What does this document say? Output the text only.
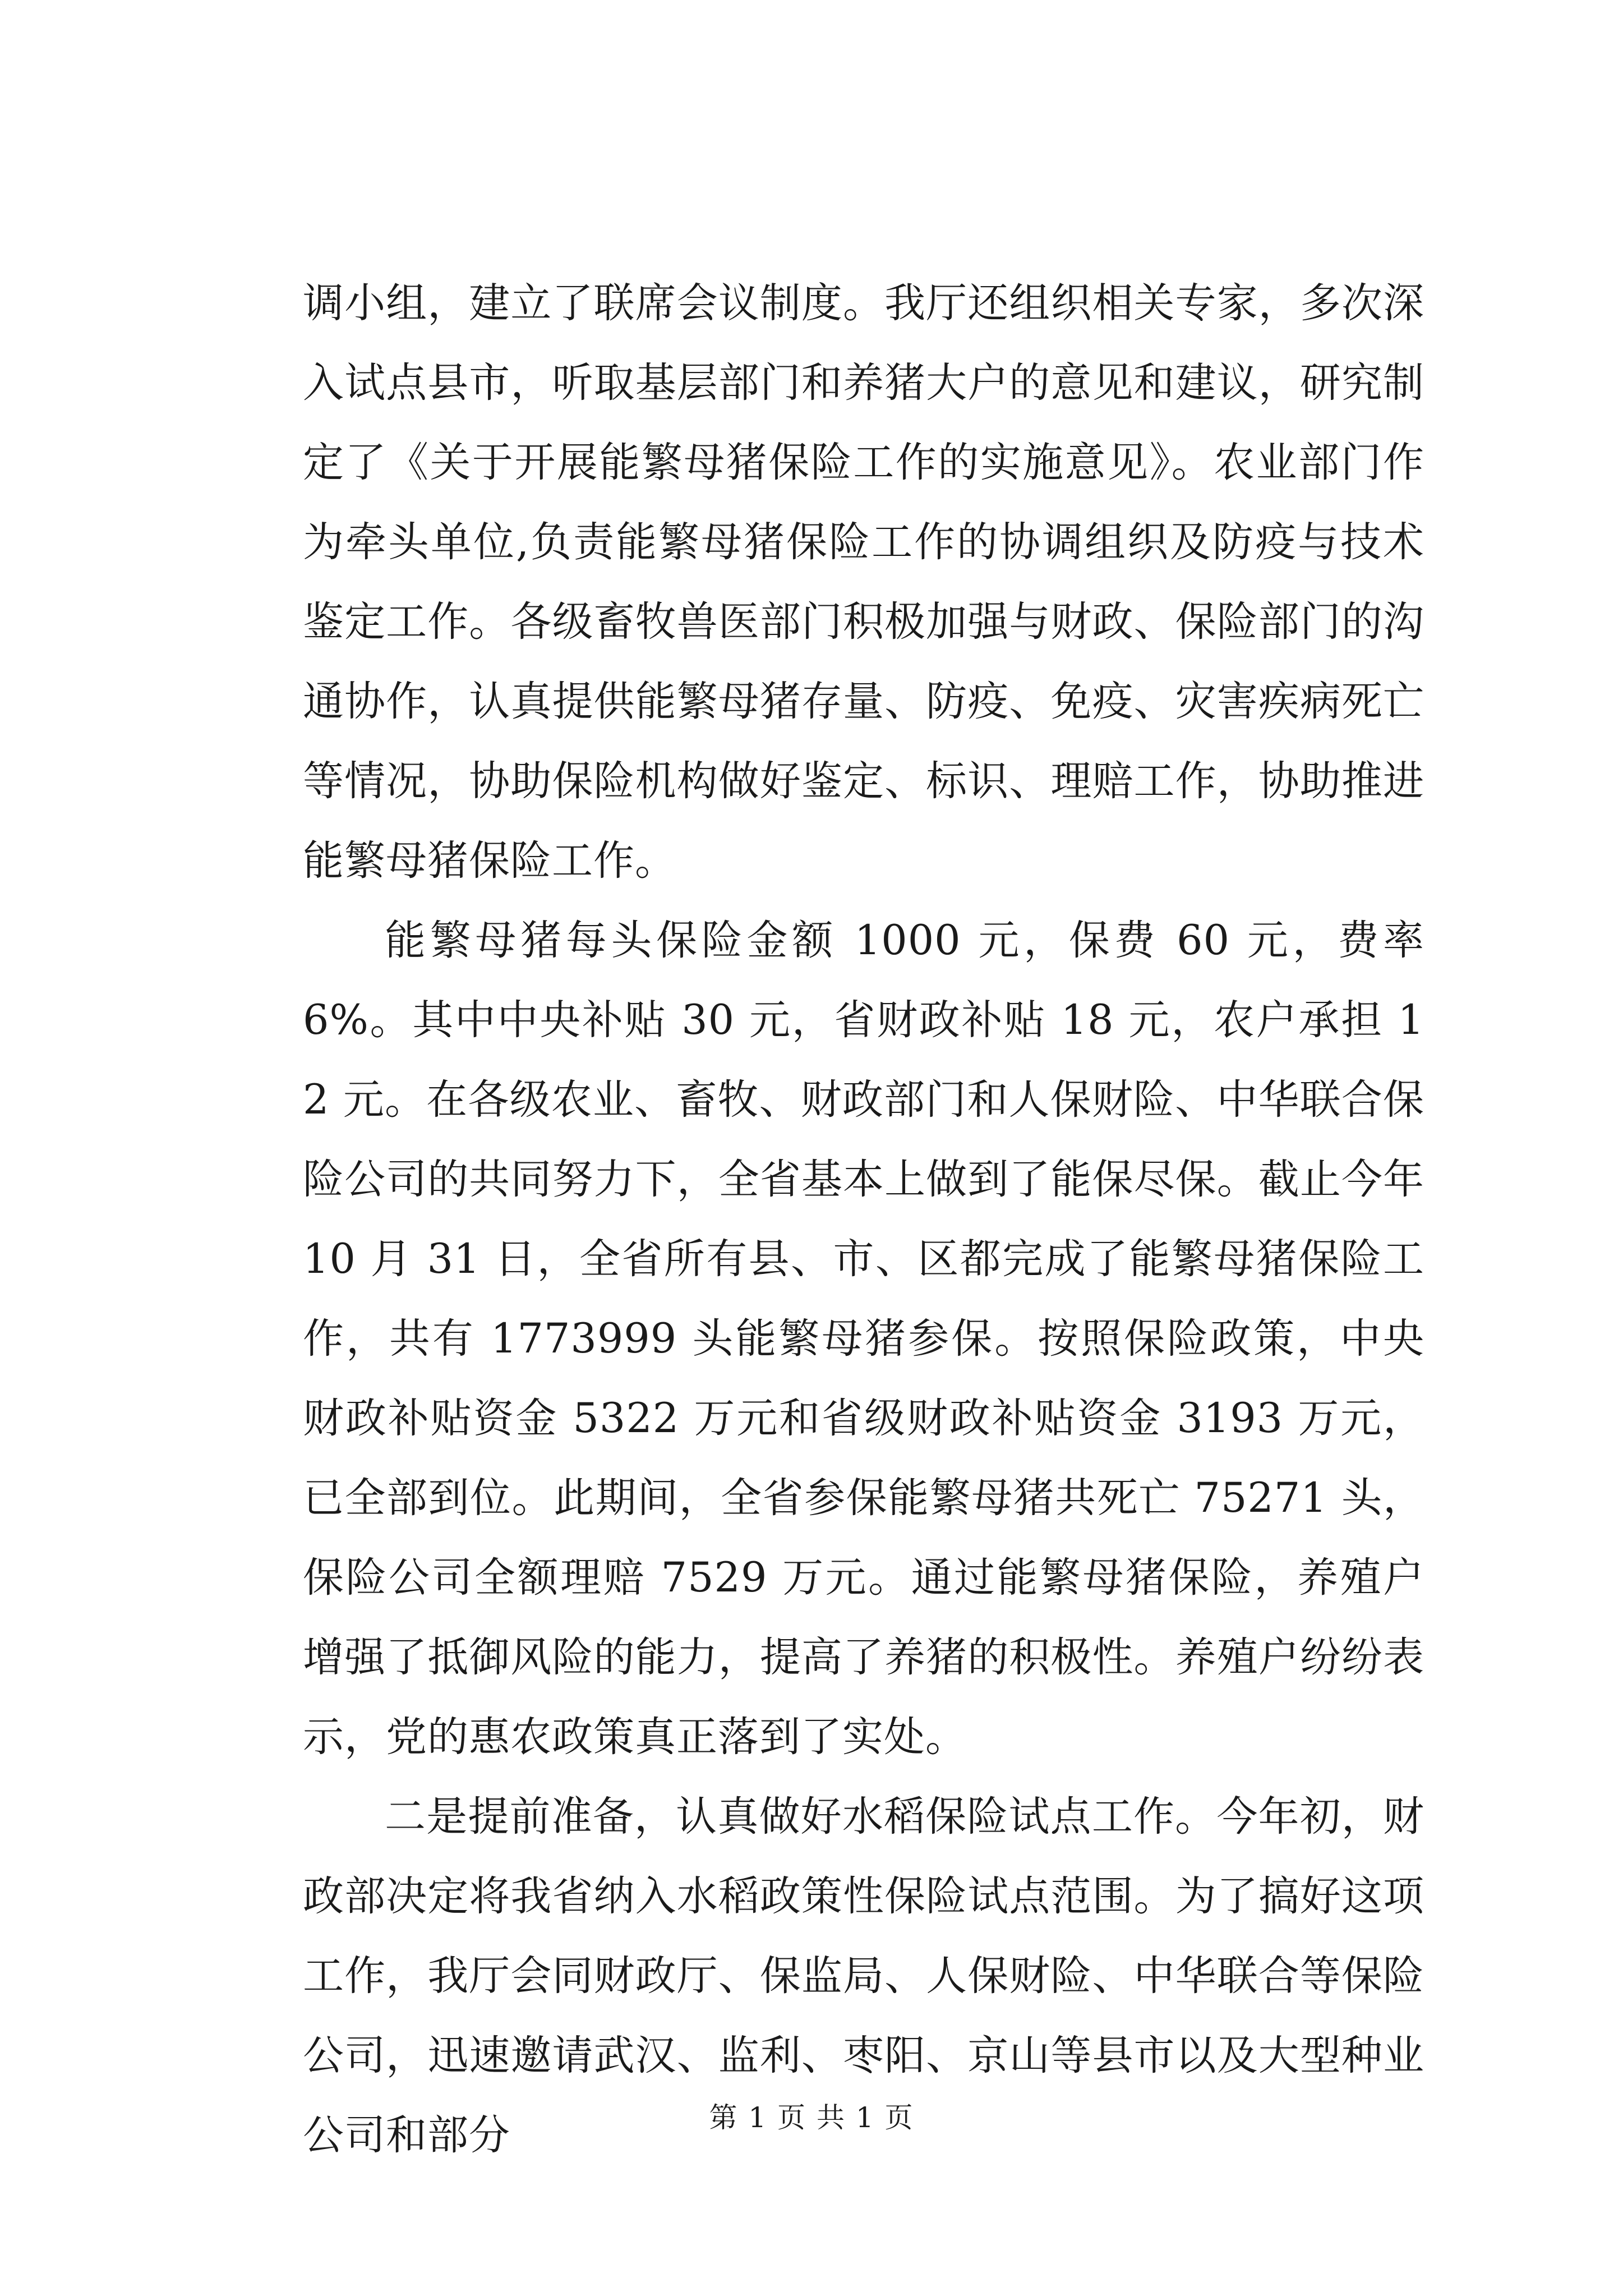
调小组，建立了联席会议制度。我厅还组织相关专家，多次深入试点县市，听取基层部门和养猪大户的意见和建议，研究制定了《关于开展能繁母猪保险工作的实施意见》。农业部门作为牵头单位,负责能繁母猪保险工作的协调组织及防疫与技术鉴定工作。各级畜牧兽医部门积极加强与财政、保险部门的沟通协作，认真提供能繁母猪存量、防疫、免疫、灾害疾病死亡等情况，协助保险机构做好鉴定、标识、理赔工作，协助推进能繁母猪保险工作。

能繁母猪每头保险金额 1000 元，保费 60 元，费率 6%。其中中央补贴 30 元，省财政补贴 18 元，农户承担 12 元。在各级农业、畜牧、财政部门和人保财险、中华联合保险公司的共同努力下，全省基本上做到了能保尽保。截止今年 10 月 31 日，全省所有县、市、区都完成了能繁母猪保险工作，共有 1773999 头能繁母猪参保。按照保险政策，中央财政补贴资金 5322 万元和省级财政补贴资金 3193 万元，已全部到位。此期间，全省参保能繁母猪共死亡 75271 头，保险公司全额理赔 7529 万元。通过能繁母猪保险，养殖户增强了抵御风险的能力，提高了养猪的积极性。养殖户纷纷表示，党的惠农政策真正落到了实处。

二是提前准备，认真做好水稻保险试点工作。今年初，财政部决定将我省纳入水稻政策性保险试点范围。为了搞好这项工作，我厅会同财政厅、保监局、人保财险、中华联合等保险公司，迅速邀请武汉、监利、枣阳、京山等县市以及大型种业公司和部分	第 1 页 共 1 页
